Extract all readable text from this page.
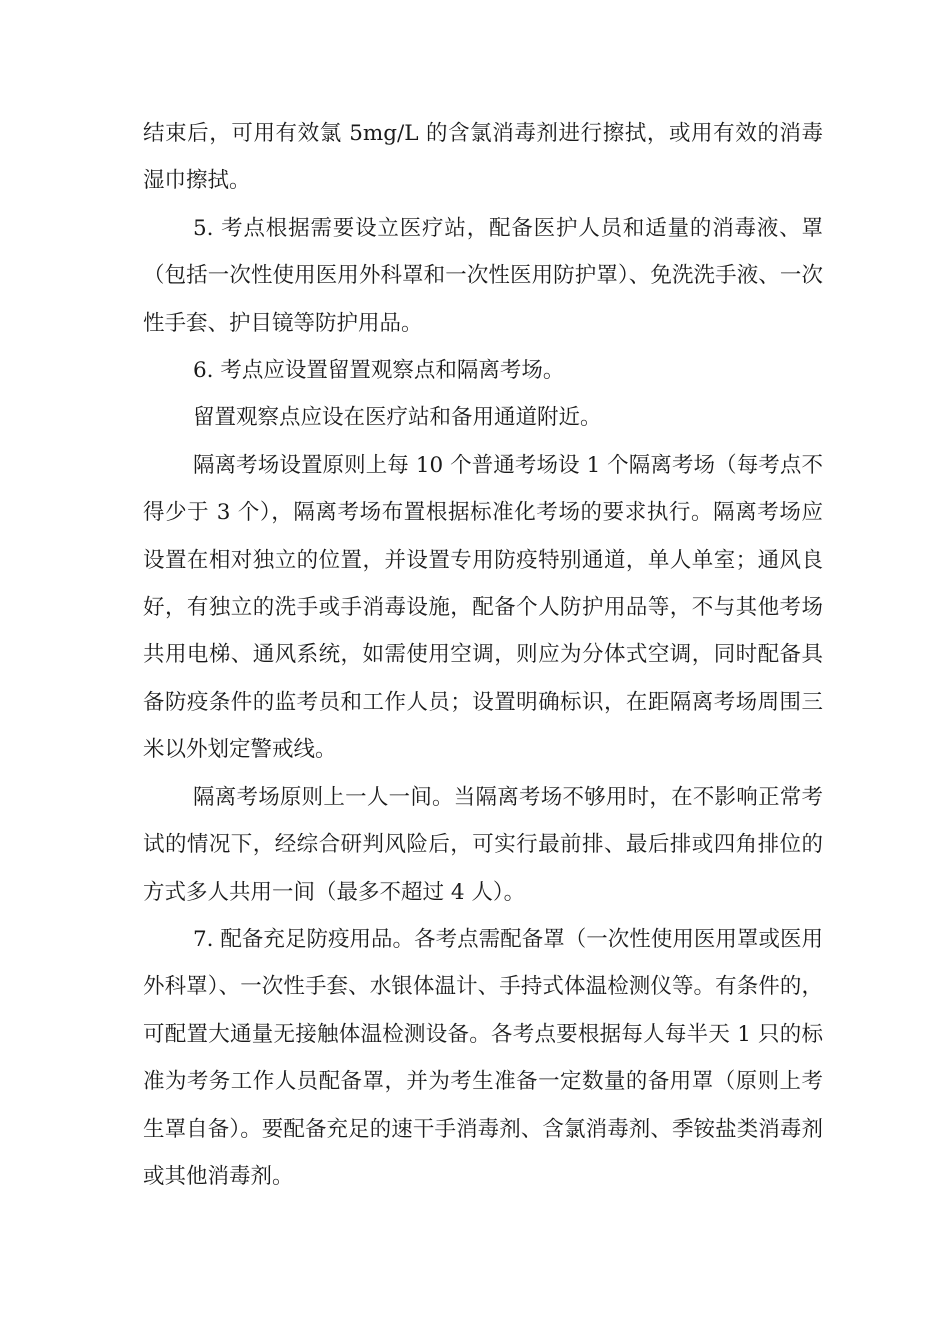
结束后，可用有效氯 5mg/L 的含氯消毒剂进行擦拭，或用有效的消毒湿巾擦拭。

5. 考点根据需要设立医疗站，配备医护人员和适量的消毒液、罩（包括一次性使用医用外科罩和一次性医用防护罩）、免洗洗手液、一次性手套、护目镜等防护用品。

6. 考点应设置留置观察点和隔离考场。

留置观察点应设在医疗站和备用通道附近。

隔离考场设置原则上每 10 个普通考场设 1 个隔离考场（每考点不得少于 3 个），隔离考场布置根据标准化考场的要求执行。隔离考场应设置在相对独立的位置，并设置专用防疫特别通道，单人单室；通风良好，有独立的洗手或手消毒设施，配备个人防护用品等，不与其他考场共用电梯、通风系统，如需使用空调，则应为分体式空调，同时配备具备防疫条件的监考员和工作人员；设置明确标识，在距隔离考场周围三米以外划定警戒线。

隔离考场原则上一人一间。当隔离考场不够用时，在不影响正常考试的情况下，经综合研判风险后，可实行最前排、最后排或四角排位的方式多人共用一间（最多不超过 4 人）。

7. 配备充足防疫用品。各考点需配备罩（一次性使用医用罩或医用外科罩）、一次性手套、水银体温计、手持式体温检测仪等。有条件的，可配置大通量无接触体温检测设备。各考点要根据每人每半天 1 只的标准为考务工作人员配备罩，并为考生准备一定数量的备用罩（原则上考生罩自备）。要配备充足的速干手消毒剂、含氯消毒剂、季铵盐类消毒剂或其他消毒剂。
